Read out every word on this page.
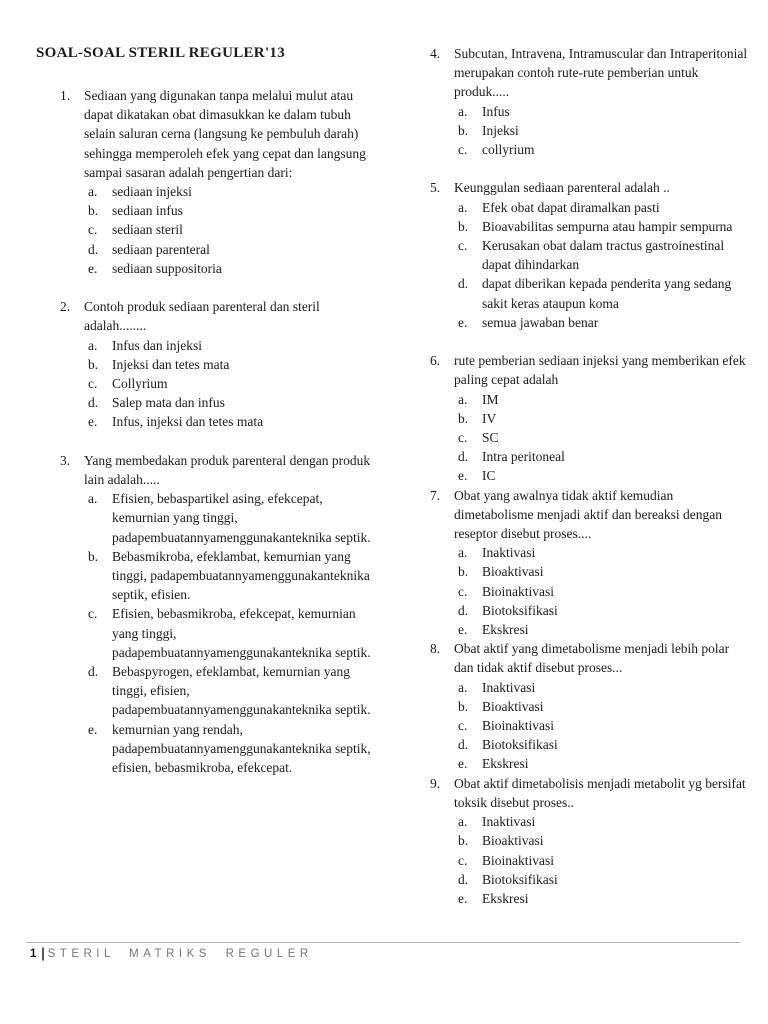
SOAL-SOAL STERIL REGULER'13
1.	Sediaan yang digunakan tanpa melalui mulut atau dapat dikatakan obat dimasukkan ke dalam tubuh selain saluran cerna (langsung ke pembuluh darah) sehingga memperoleh efek yang cepat dan langsung sampai sasaran adalah pengertian dari:
a.	sediaan injeksi
b.	sediaan infus
c.	sediaan steril
d.	sediaan parenteral
e.	sediaan suppositoria
2.	Contoh produk sediaan parenteral dan steril adalah........
a.	Infus dan injeksi
b.	Injeksi dan tetes mata
c.	Collyrium
d.	Salep mata dan infus
e.	Infus, injeksi dan tetes mata
3.	Yang membedakan produk parenteral dengan produk lain adalah.....
a.	Efisien, bebaspartikel asing, efekcepat, kemurnian yang tinggi, padapembuatannyamenggunakanteknika septik.
b.	Bebasmikroba, efeklambat, kemurnian yang tinggi, padapembuatannyamenggunakanteknika septik, efisien.
c.	Efisien, bebasmikroba, efekcepat, kemurnian yang tinggi, padapembuatannyamenggunakanteknika septik.
d.	Bebaspyrogen, efeklambat, kemurnian yang tinggi, efisien, padapembuatannyamenggunakanteknika septik.
e.	kemurnian yang rendah, padapembuatannyamenggunakanteknika septik, efisien, bebasmikroba, efekcepat.
4.	Subcutan, Intravena, Intramuscular dan Intraperitonial merupakan contoh rute-rute pemberian untuk produk.....
a.	Infus
b.	Injeksi
c.	collyrium
5.	Keunggulan sediaan parenteral adalah ..
a.	Efek obat dapat diramalkan pasti
b.	Bioavabilitas sempurna atau hampir sempurna
c.	Kerusakan obat dalam tractus gastroinestinal dapat dihindarkan
d.	dapat diberikan kepada penderita yang sedang sakit keras ataupun koma
e.	semua jawaban benar
6.	rute pemberian sediaan injeksi yang memberikan efek paling cepat adalah
a.	IM
b.	IV
c.	SC
d.	Intra peritoneal
e.	IC
7.	Obat yang awalnya tidak aktif kemudian dimetabolisme menjadi aktif dan bereaksi dengan reseptor disebut proses....
a.	Inaktivasi
b.	Bioaktivasi
c.	Bioinaktivasi
d.	Biotoksifikasi
e.	Ekskresi
8.	Obat aktif yang dimetabolisme menjadi lebih polar dan tidak aktif disebut proses...
a.	Inaktivasi
b.	Bioaktivasi
c.	Bioinaktivasi
d.	Biotoksifikasi
e.	Ekskresi
9.	Obat aktif dimetabolisis menjadi metabolit yg bersifat toksik disebut proses..
a.	Inaktivasi
b.	Bioaktivasi
c.	Bioinaktivasi
d.	Biotoksifikasi
e.	Ekskresi
1 | STERIL MATRIKS REGULER
